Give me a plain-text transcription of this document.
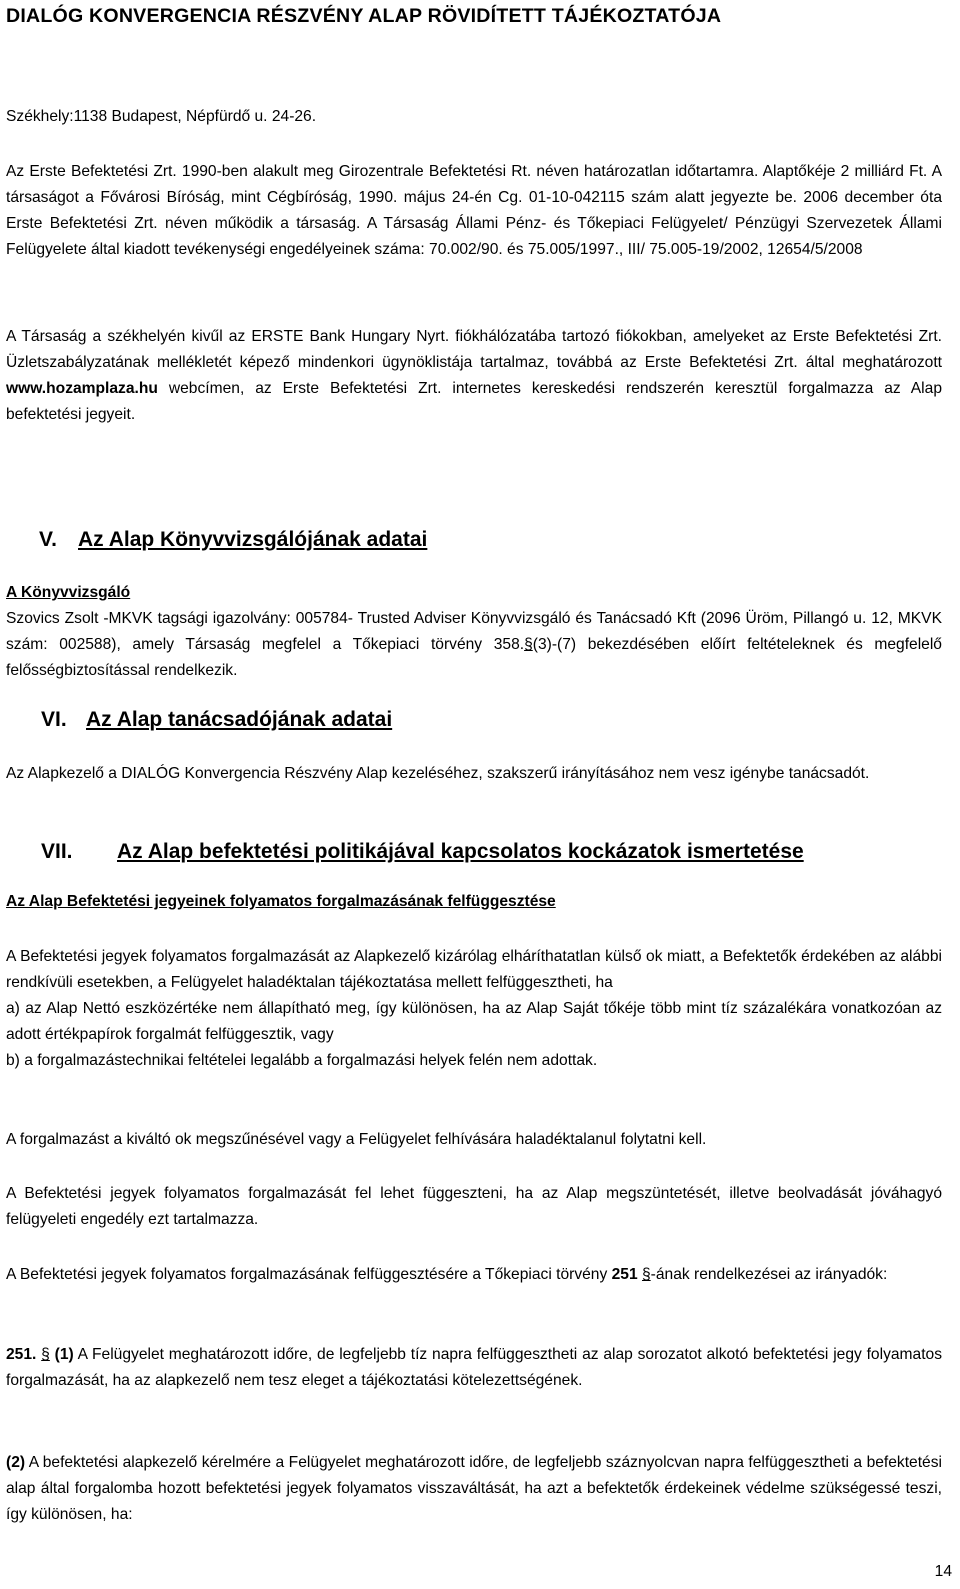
DIALÓG KONVERGENCIA RÉSZVÉNY ALAP RÖVIDÍTETT TÁJÉKOZTATÓJA

Székhely:1138 Budapest, Népfürdő u. 24-26.

Az Erste Befektetési Zrt. 1990-ben alakult meg Girozentrale Befektetési Rt. néven határozatlan időtartamra. Alaptőkéje 2 milliárd Ft. A társaságot a Fővárosi Bíróság, mint Cégbíróság, 1990. május 24-én Cg. 01-10-042115 szám alatt jegyezte be. 2006 december óta Erste Befektetési Zrt. néven működik a társaság. A Társaság Állami Pénz- és Tőkepiaci Felügyelet/ Pénzügyi Szervezetek Állami Felügyelete által kiadott tevékenységi engedélyeinek száma: 70.002/90. és 75.005/1997., III/ 75.005-19/2002, 12654/5/2008

A Társaság a székhelyén kivűl az ERSTE Bank Hungary Nyrt. fiókhálózatába tartozó fiókokban, amelyeket az Erste Befektetési Zrt. Üzletszabályzatának mellékletét képező mindenkori ügynöklistája tartalmaz, továbbá az Erste Befektetési Zrt. által meghatározott www.hozamplaza.hu webcímen, az Erste Befektetési Zrt. internetes kereskedési rendszerén keresztül forgalmazza az Alap befektetési jegyeit.

V. Az Alap Könyvvizsgálójának adatai
A Könyvvizsgáló

Szovics Zsolt -MKVK tagsági igazolvány: 005784- Trusted Adviser Könyvvizsgáló és Tanácsadó Kft (2096 Üröm, Pillangó u. 12, MKVK szám: 002588), amely Társaság megfelel a Tőkepiaci törvény 358.§(3)-(7) bekezdésében előírt feltételeknek és megfelelő felősségbiztosítással rendelkezik.

VI. Az Alap tanácsadójának adatai

Az Alapkezelő a DIALÓG Konvergencia Részvény Alap kezeléséhez, szakszerű irányításához nem vesz igénybe tanácsadót.

VII. Az Alap befektetési politikájával kapcsolatos kockázatok ismertetése
Az Alap Befektetési jegyeinek folyamatos forgalmazásának felfüggesztése

A Befektetési jegyek folyamatos forgalmazását az Alapkezelő kizárólag elháríthatatlan külső ok miatt, a Befektetők érdekében az alábbi rendkívüli esetekben, a Felügyelet haladéktalan tájékoztatása mellett felfüggesztheti, ha

a) az Alap Nettó eszközértéke nem állapítható meg, így különösen, ha az Alap Saját tőkéje több mint tíz százalékára vonatkozóan az adott értékpapírok forgalmát felfüggesztik, vagy

b) a forgalmazástechnikai feltételei legalább a forgalmazási helyek felén nem adottak.

A forgalmazást a kiváltó ok megszűnésével vagy a Felügyelet felhívására haladéktalanul folytatni kell.

A Befektetési jegyek folyamatos forgalmazását fel lehet függeszteni, ha az Alap megszüntetését, illetve beolvadását jóváhagyó felügyeleti engedély ezt tartalmazza.

A Befektetési jegyek folyamatos forgalmazásának felfüggesztésére a Tőkepiaci törvény 251 §-ának rendelkezései az irányadók:

251. § (1) A Felügyelet meghatározott időre, de legfeljebb tíz napra felfüggesztheti az alap sorozatot alkotó befektetési jegy folyamatos forgalmazását, ha az alapkezelő nem tesz eleget a tájékoztatási kötelezettségének.

(2) A befektetési alapkezelő kérelmére a Felügyelet meghatározott időre, de legfeljebb száznyolcvan napra felfüggesztheti a befektetési alap által forgalomba hozott befektetési jegyek folyamatos visszaváltását, ha azt a befektetők érdekeinek védelme szükségessé teszi, így különösen, ha:

14
